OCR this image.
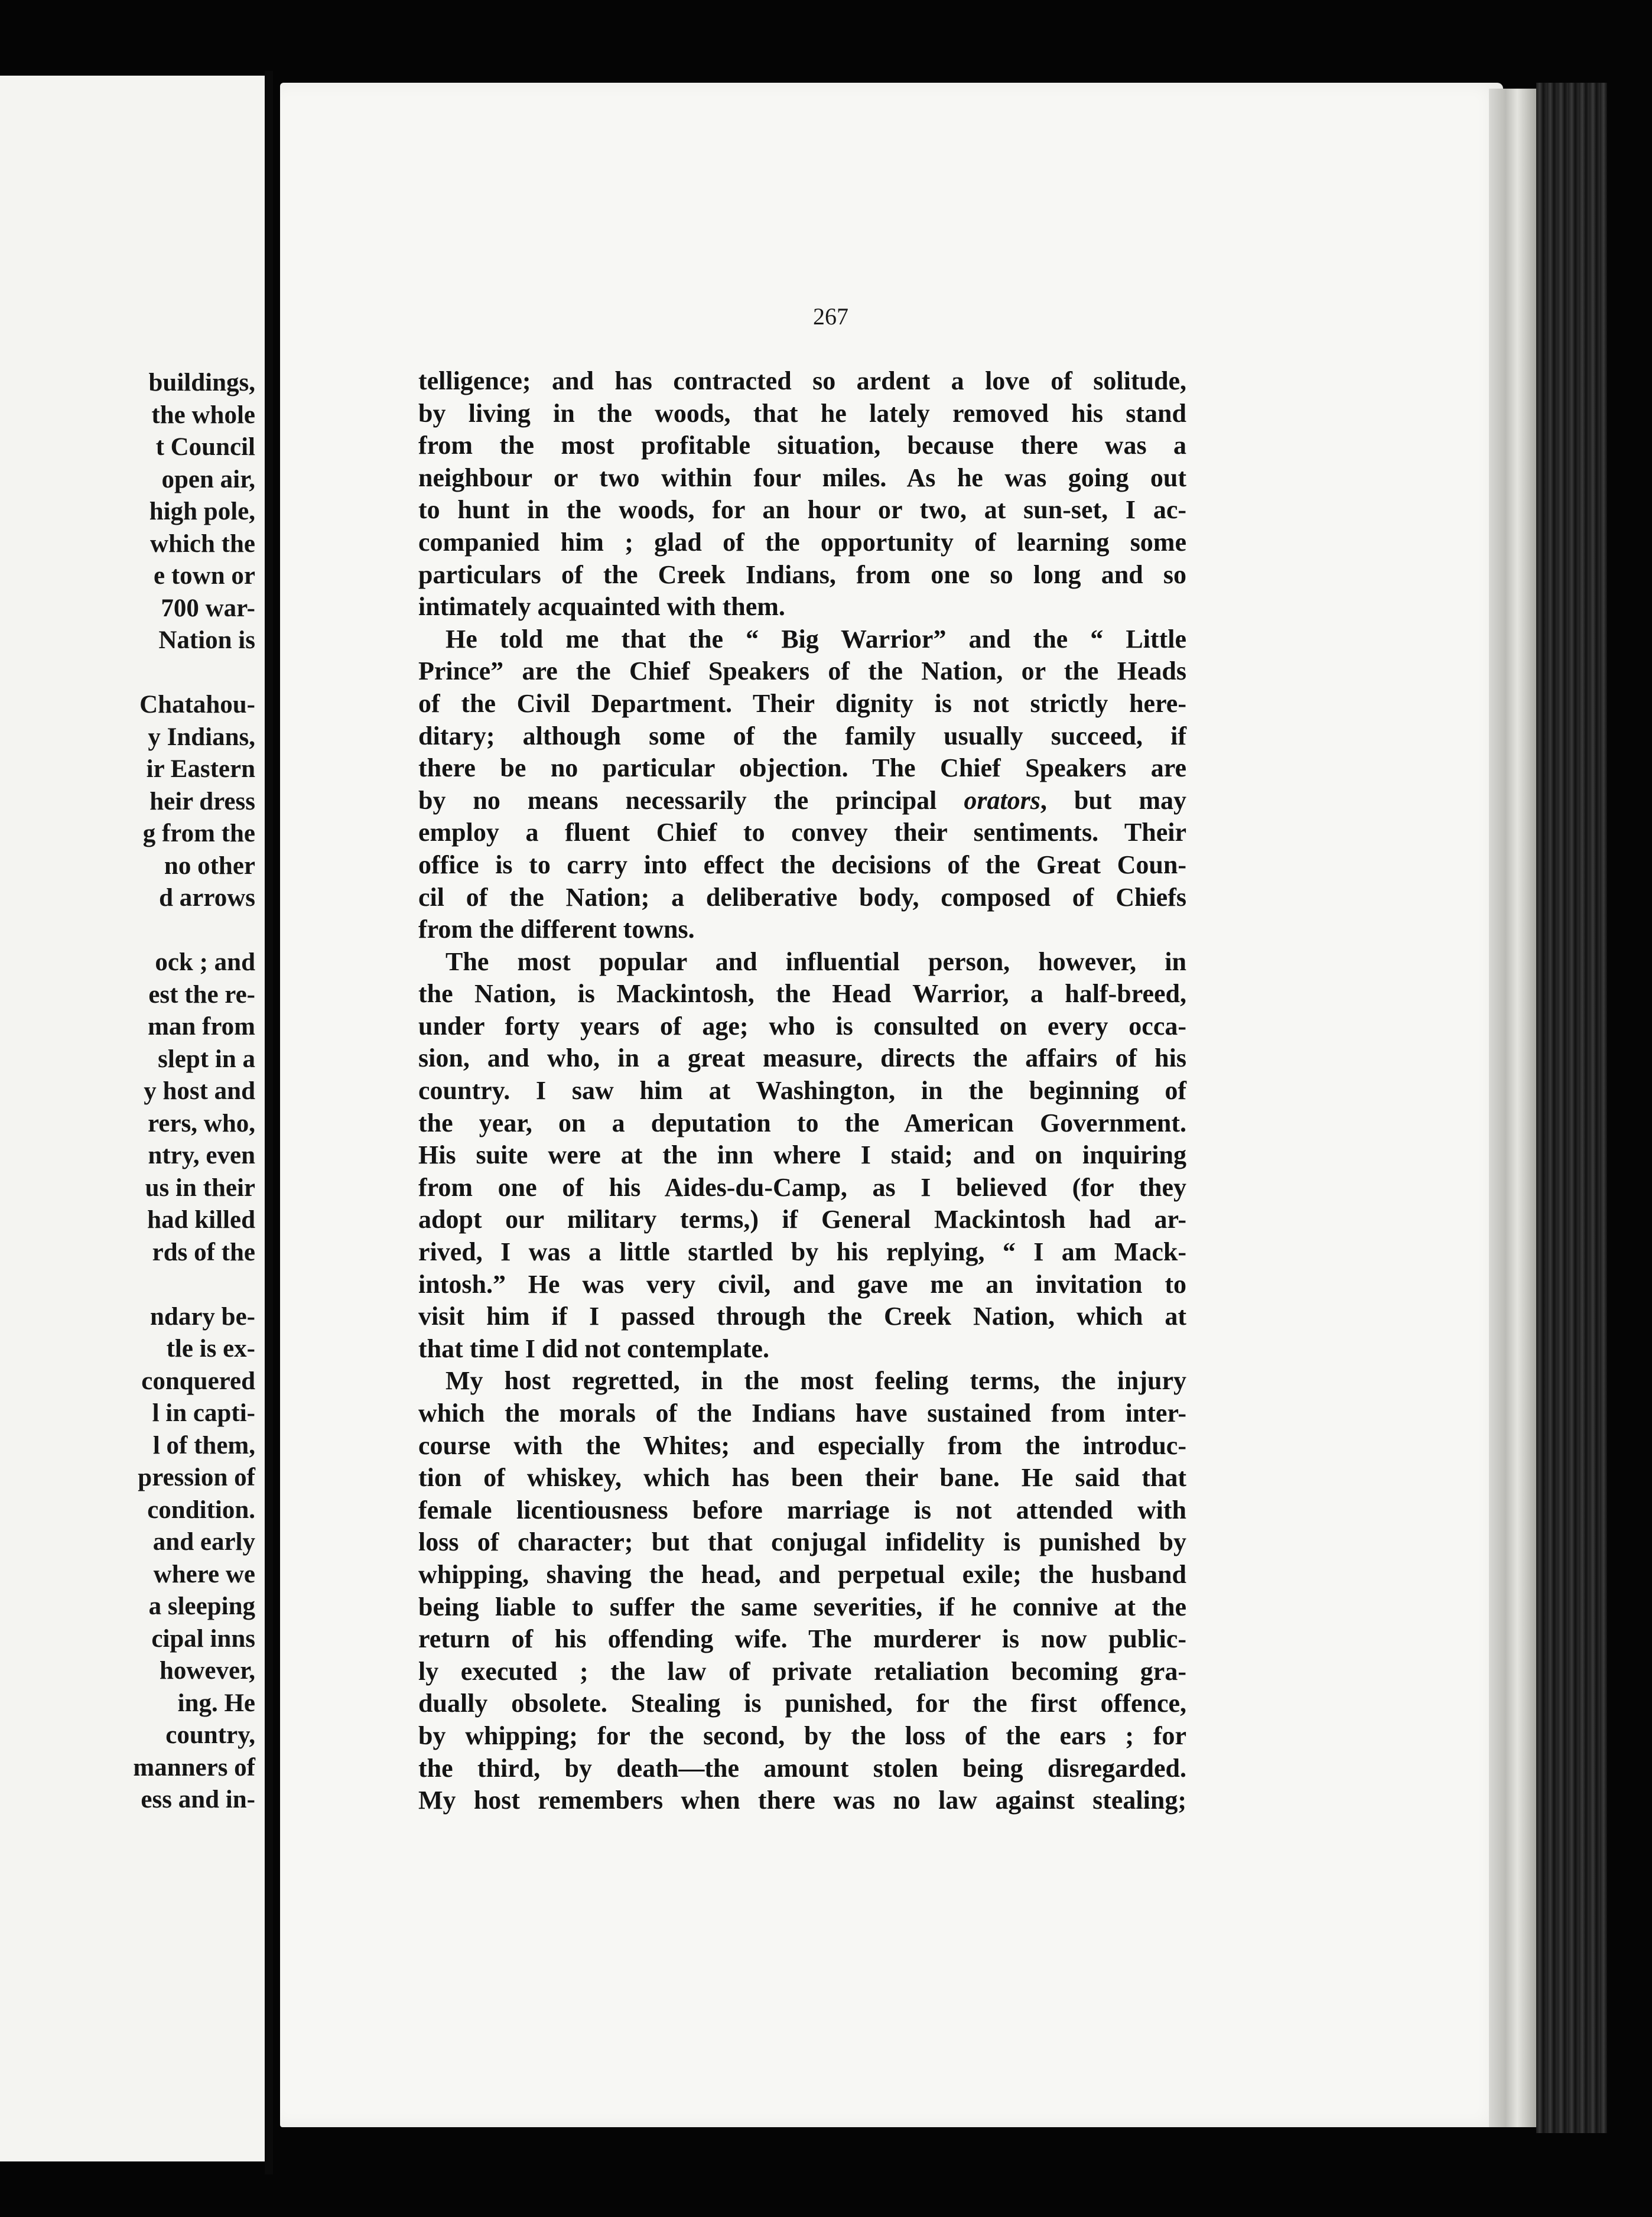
buildings,
the whole
t Council
open air,
high pole,
which the
e town or
700 war-
Nation is
Chatahou-
y Indians,
ir Eastern
heir dress
g from the
no other
d arrows
ock ; and
est the re-
man from
slept in a
y host and
rers, who,
ntry, even
us in their
had killed
rds of the
ndary be-
tle is ex-
conquered
l in capti-
l of them,
pression of
condition.
and early
where we
a sleeping
cipal inns
however,
ing. He
country,
manners of
ess and in-
267
telligence; and has contracted so ardent a love of solitude,
by living in the woods, that he lately removed his stand
from the most profitable situation, because there was a
neighbour or two within four miles. As he was going out
to hunt in the woods, for an hour or two, at sun-set, I ac-
companied him ; glad of the opportunity of learning some
particulars of the Creek Indians, from one so long and so
intimately acquainted with them.
He told me that the “ Big Warrior” and the “ Little
Prince” are the Chief Speakers of the Nation, or the Heads
of the Civil Department. Their dignity is not strictly here-
ditary; although some of the family usually succeed, if
there be no particular objection. The Chief Speakers are
by no means necessarily the principal orators, but may
employ a fluent Chief to convey their sentiments. Their
office is to carry into effect the decisions of the Great Coun-
cil of the Nation; a deliberative body, composed of Chiefs
from the different towns.
The most popular and influential person, however, in
the Nation, is Mackintosh, the Head Warrior, a half-breed,
under forty years of age; who is consulted on every occa-
sion, and who, in a great measure, directs the affairs of his
country. I saw him at Washington, in the beginning of
the year, on a deputation to the American Government.
His suite were at the inn where I staid; and on inquiring
from one of his Aides-du-Camp, as I believed (for they
adopt our military terms,) if General Mackintosh had ar-
rived, I was a little startled by his replying, “ I am Mack-
intosh.” He was very civil, and gave me an invitation to
visit him if I passed through the Creek Nation, which at
that time I did not contemplate.
My host regretted, in the most feeling terms, the injury
which the morals of the Indians have sustained from inter-
course with the Whites; and especially from the introduc-
tion of whiskey, which has been their bane. He said that
female licentiousness before marriage is not attended with
loss of character; but that conjugal infidelity is punished by
whipping, shaving the head, and perpetual exile; the husband
being liable to suffer the same severities, if he connive at the
return of his offending wife. The murderer is now public-
ly executed ; the law of private retaliation becoming gra-
dually obsolete. Stealing is punished, for the first offence,
by whipping; for the second, by the loss of the ears ; for
the third, by death—the amount stolen being disregarded.
My host remembers when there was no law against stealing;
